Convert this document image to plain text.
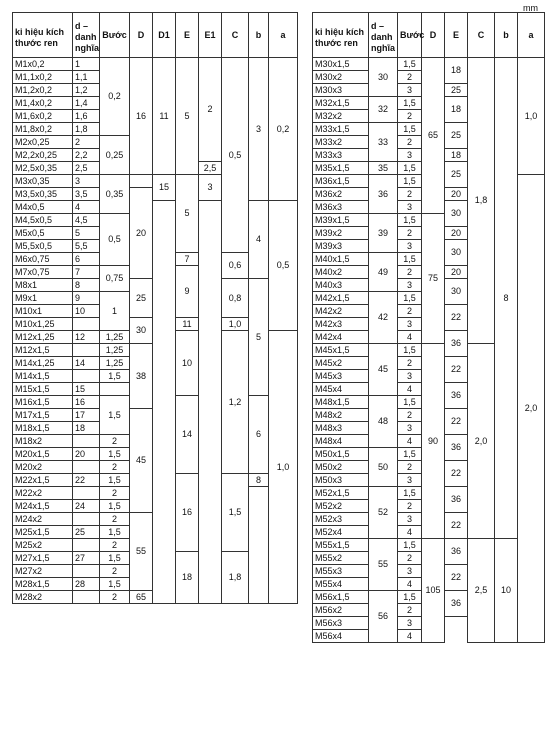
mm
ki hiệu kích thước ren	d – danh nghĩa	Bước	D	D1	E	E1	C	b	a
M1x0,2	1	0,2	16	11	5	2	0,5	3	0,2
M1,1x0,2	1,1								
M1,2x0,2	1,2								
M1,4x0,2	1,4								
M1,6x0,2	1,6								
M1,8x0,2	1,8								
M2x0,25	2	0,25							
M2,2x0,25	2,2								
M2,5x0,35	2,5					2,5			
M3x0,35	3	0,35		15	5	3			
M3,5x0,35	3,5		20						
M4x0,5	4							4	0,5
M4,5x0,5	4,5	0,5							
M5x0,5	5								
M5,5x0,5	5,5								
M6x0,75	6				7		0,6		
M7x0,75	7	0,75			9				
M8x1	8		25				0,8	5	
M9x1	9	1							
M10x1	10								
M10x1,25			30		11		1,0		
M12x1,25	12	1,25			10		1,2		1,0
M12x1,5		1,25	38						
M14x1,25	14	1,25							
M14x1,5		1,5							
M15x1,5	15								
M16x1,5	16	1,5			14			6	
M17x1,5	17		45						
M18x1,5	18								
M18x2		2							
M20x1,5	20	1,5							
M20x2		2							
M22x1,5	22	1,5			16		1,5	8	
M22x2		2							
M24x1,5	24	1,5							
M24x2		2	55						
M25x1,5	25	1,5							
M25x2		2							
M27x1,5	27	1,5			18		1,8		
M27x2		2							
M28x1,5	28	1,5							
M28x2		2	65						
ki hiệu kích thước ren	d – danh nghĩa	Bước	D	E	C	b	a
M30x1,5	30	1,5	65	18	1,8	8	1,0
M30x2		2					
M30x3		3		25			
M32x1,5	32	1,5		18			
M32x2		2					
M33x1,5	33	1,5		25			
M33x2		2					
M33x3		3		18			
M35x1,5	35	1,5		25			
M36x1,5	36	1,5					2,0
M36x2		2		20			
M36x3		3		30			
M39x1,5	39	1,5	75				
M39x2		2		20			
M39x3		3		30			
M40x1,5	49	1,5					
M40x2		2		20			
M40x3		3		30			
M42x1,5	42	1,5					
M42x2		2		22			
M42x3		3					
M42x4		4		36			
M45x1,5	45	1,5	90		2,0		
M45x2		2		22			
M45x3		3					
M45x4		4		36			
M48x1,5	48	1,5					
M48x2		2		22			
M48x3		3					
M48x4		4		36			
M50x1,5	50	1,5					
M50x2		2		22			
M50x3		3					
M52x1,5	52	1,5		36			
M52x2		2					
M52x3		3		22			
M52x4		4					
M55x1,5	55	1,5	105	36	2,5	10	
M55x2		2					
M55x3		3		22			
M55x4		4					
M56x1,5	56	1,5		36			
M56x2		2					
M56x3		3					
M56x4		4					
